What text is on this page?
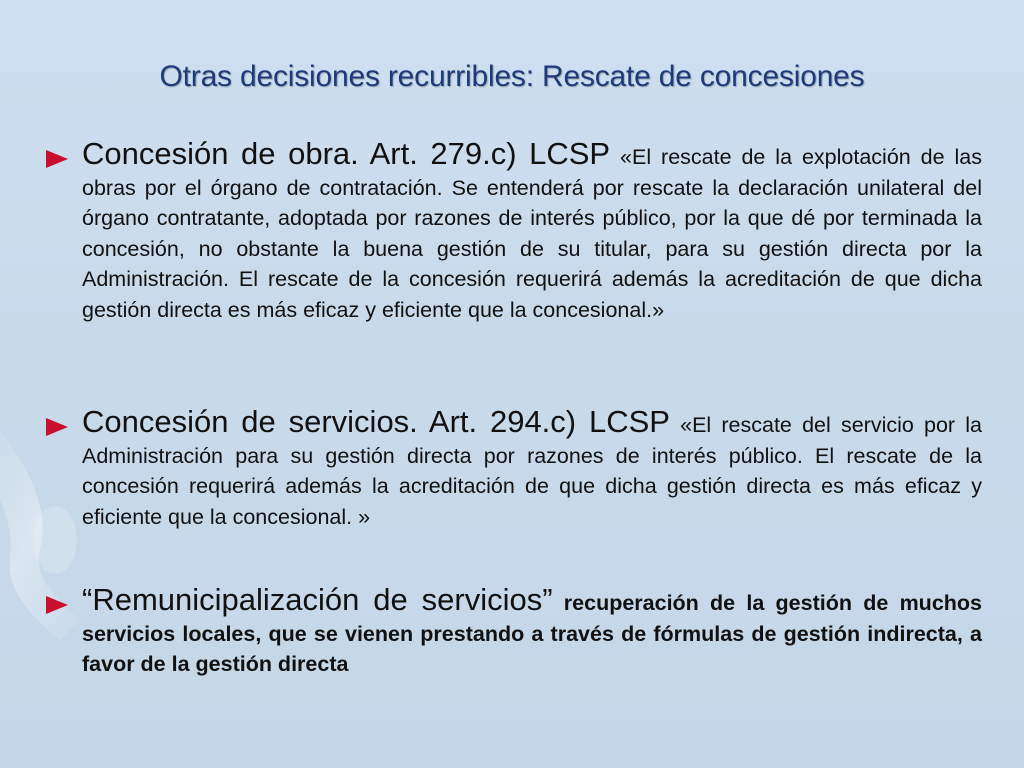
Otras decisiones recurribles: Rescate de concesiones
Concesión de obra. Art. 279.c) LCSP «El rescate de la explotación de las obras por el órgano de contratación. Se entenderá por rescate la declaración unilateral del órgano contratante, adoptada por razones de interés público, por la que dé por terminada la concesión, no obstante la buena gestión de su titular, para su gestión directa por la Administración. El rescate de la concesión requerirá además la acreditación de que dicha gestión directa es más eficaz y eficiente que la concesional.»
Concesión de servicios. Art. 294.c) LCSP «El rescate del servicio por la Administración para su gestión directa por razones de interés público. El rescate de la concesión requerirá además la acreditación de que dicha gestión directa es más eficaz y eficiente que la concesional. »
“Remunicipalización de servicios” recuperación de la gestión de muchos servicios locales, que se vienen prestando a través de fórmulas de gestión indirecta, a favor de la gestión directa
